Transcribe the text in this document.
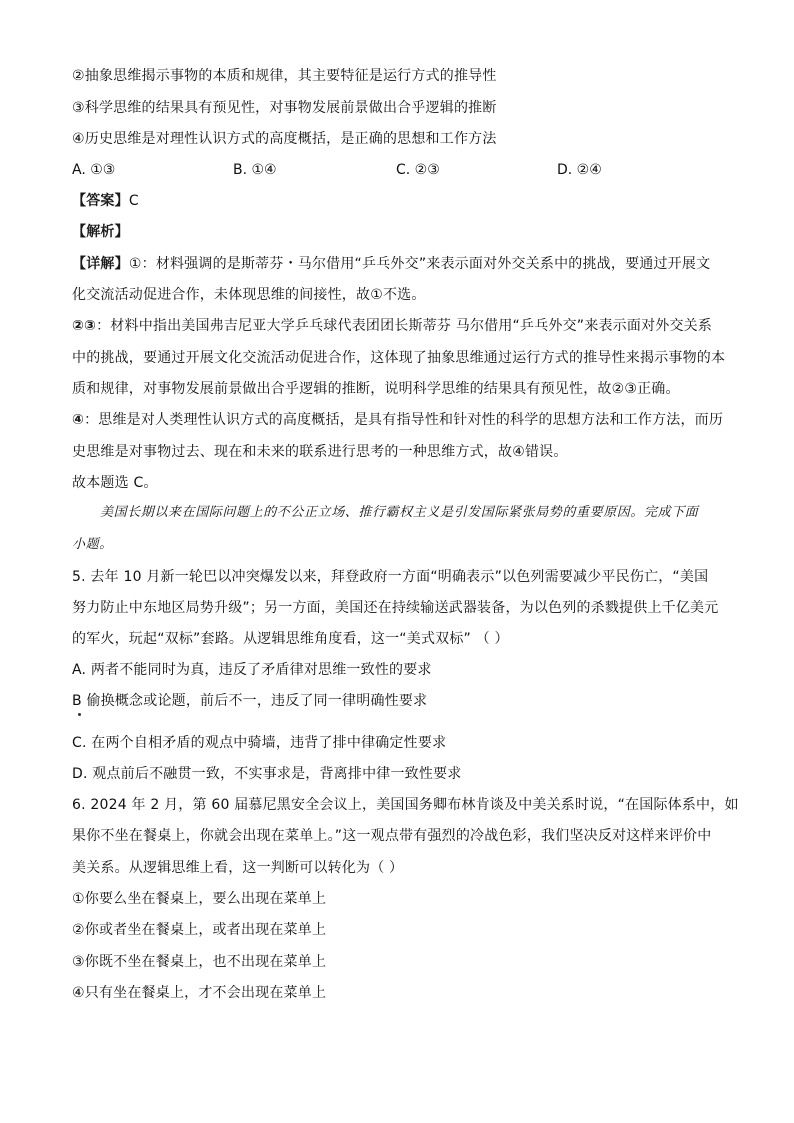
②抽象思维揭示事物的本质和规律，其主要特征是运行方式的推导性
③科学思维的结果具有预见性，对事物发展前景做出合乎逻辑的推断
④历史思维是对理性认识方式的高度概括，是正确的思想和工作方法
A. ①③	B. ①④	C. ②③	D. ②④
【答案】C
【解析】
【详解】①：材料强调的是斯蒂芬・马尔借用“乒乓外交”来表示面对外交关系中的挑战，要通过开展文
化交流活动促进合作，未体现思维的间接性，故①不选。
②③：材料中指出美国弗吉尼亚大学乒乓球代表团团长斯蒂芬 马尔借用“乒乓外交”来表示面对外交关系
中的挑战，要通过开展文化交流活动促进合作，这体现了抽象思维通过运行方式的推导性来揭示事物的本
质和规律，对事物发展前景做出合乎逻辑的推断，说明科学思维的结果具有预见性，故②③正确。
④：思维是对人类理性认识方式的高度概括，是具有指导性和针对性的科学的思想方法和工作方法，而历
史思维是对事物过去、现在和未来的联系进行思考的一种思维方式，故④错误。
故本题选 C。
美国长期以来在国际问题上的不公正立场、推行霸权主义是引发国际紧张局势的重要原因。完成下面
小题。
5. 去年 10 月新一轮巴以冲突爆发以来，拜登政府一方面“明确表示”以色列需要减少平民伤亡，“美国
努力防止中东地区局势升级”；另一方面，美国还在持续输送武器装备，为以色列的杀戮提供上千亿美元
的军火，玩起“双标”套路。从逻辑思维角度看，这一“美式双标” （ ）
A. 两者不能同时为真，违反了矛盾律对思维一致性的要求
B 偷换概念或论题，前后不一，违反了同一律明确性要求
C. 在两个自相矛盾的观点中骑墙，违背了排中律确定性要求
D. 观点前后不融贯一致，不实事求是，背离排中律一致性要求
6. 2024 年 2 月，第 60 届慕尼黑安全会议上，美国国务卿布林肯谈及中美关系时说，“在国际体系中，如
果你不坐在餐桌上，你就会出现在菜单上。”这一观点带有强烈的冷战色彩，我们坚决反对这样来评价中
美关系。从逻辑思维上看，这一判断可以转化为（ ）
①你要么坐在餐桌上，要么出现在菜单上
②你或者坐在餐桌上，或者出现在菜单上
③你既不坐在餐桌上，也不出现在菜单上
④只有坐在餐桌上，才不会出现在菜单上
